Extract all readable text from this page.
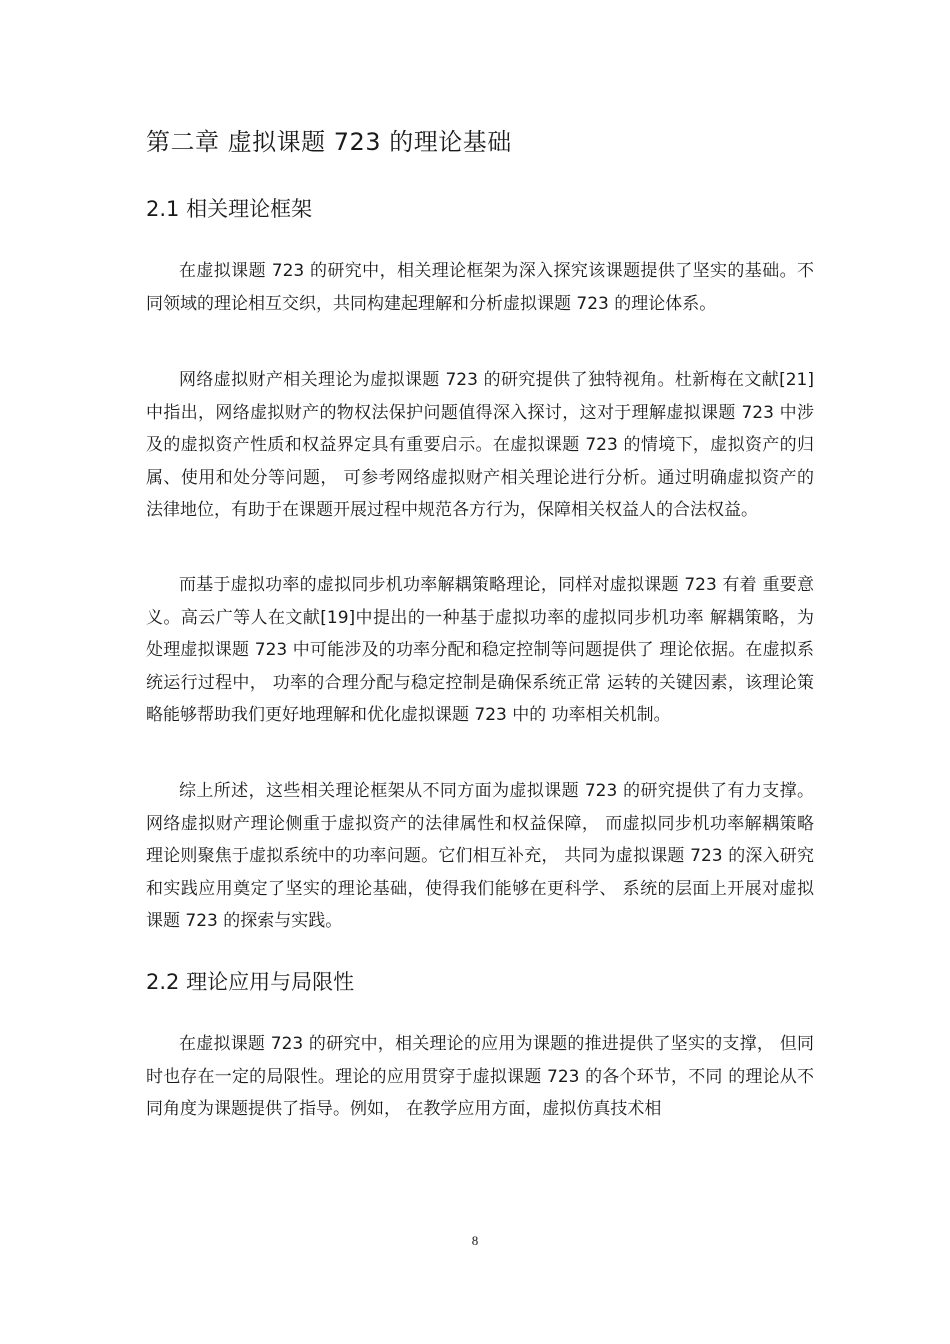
第二章 虚拟课题 723 的理论基础
2.1 相关理论框架

在虚拟课题 723 的研究中，相关理论框架为深入探究该课题提供了坚实的基础。不同领域的理论相互交织，共同构建起理解和分析虚拟课题 723 的理论体系。

网络虚拟财产相关理论为虚拟课题 723 的研究提供了独特视角。杜新梅在文献[21]中指出，网络虚拟财产的物权法保护问题值得深入探讨，这对于理解虚拟课题 723 中涉及的虚拟资产性质和权益界定具有重要启示。在虚拟课题 723 的情境下，虚拟资产的归属、使用和处分等问题， 可参考网络虚拟财产相关理论进行分析。通过明确虚拟资产的法律地位，有助于在课题开展过程中规范各方行为，保障相关权益人的合法权益。

而基于虚拟功率的虚拟同步机功率解耦策略理论，同样对虚拟课题 723 有着 重要意义。高云广等人在文献[19]中提出的一种基于虚拟功率的虚拟同步机功率 解耦策略，为处理虚拟课题 723 中可能涉及的功率分配和稳定控制等问题提供了 理论依据。在虚拟系统运行过程中， 功率的合理分配与稳定控制是确保系统正常 运转的关键因素，该理论策略能够帮助我们更好地理解和优化虚拟课题 723 中的 功率相关机制。

综上所述，这些相关理论框架从不同方面为虚拟课题 723 的研究提供了有力支撑。网络虚拟财产理论侧重于虚拟资产的法律属性和权益保障， 而虚拟同步机功率解耦策略理论则聚焦于虚拟系统中的功率问题。它们相互补充， 共同为虚拟课题 723 的深入研究和实践应用奠定了坚实的理论基础，使得我们能够在更科学、 系统的层面上开展对虚拟课题 723 的探索与实践。

2.2 理论应用与局限性

在虚拟课题 723 的研究中，相关理论的应用为课题的推进提供了坚实的支撑， 但同时也存在一定的局限性。理论的应用贯穿于虚拟课题 723 的各个环节，不同 的理论从不同角度为课题提供了指导。例如， 在教学应用方面，虚拟仿真技术相

8
